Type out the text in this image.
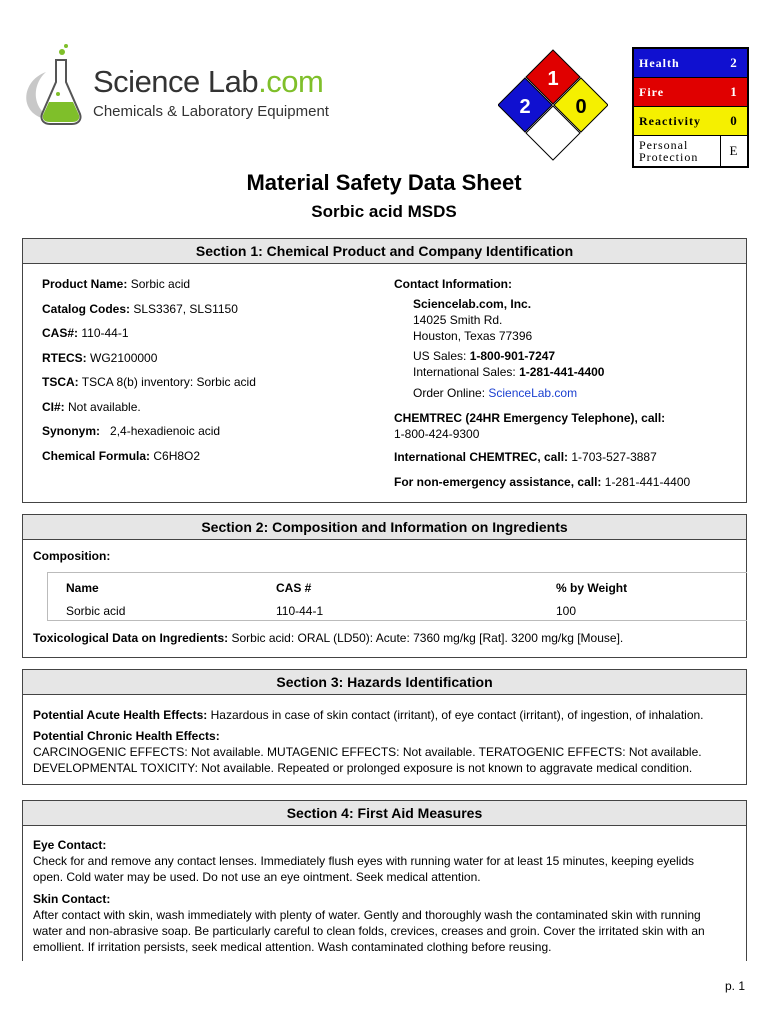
Science Lab.com
Chemicals & Laboratory Equipment
1
2 0
Health	2
Fire	1
Reactivity	0
Personal
Protection	E
Material Safety Data Sheet
Sorbic acid MSDS
Section 1: Chemical Product and Company Identification
Product Name: Sorbic acid
Catalog Codes: SLS3367, SLS1150
CAS#: 110-44-1
RTECS: WG2100000
TSCA: TSCA 8(b) inventory: Sorbic acid
CI#: Not available.
Synonym: 2,4-hexadienoic acid
Chemical Formula: C6H8O2
Contact Information:
Sciencelab.com, Inc.
14025 Smith Rd.
Houston, Texas 77396
US Sales: 1-800-901-7247
International Sales: 1-281-441-4400
Order Online: ScienceLab.com
CHEMTREC (24HR Emergency Telephone), call:
1-800-424-9300
International CHEMTREC, call: 1-703-527-3887
For non-emergency assistance, call: 1-281-441-4400
Section 2: Composition and Information on Ingredients
Composition:
Name	CAS #	% by Weight
Sorbic acid	110-44-1	100
Toxicological Data on Ingredients: Sorbic acid: ORAL (LD50): Acute: 7360 mg/kg [Rat]. 3200 mg/kg [Mouse].
Section 3: Hazards Identification
Potential Acute Health Effects: Hazardous in case of skin contact (irritant), of eye contact (irritant), of ingestion, of inhalation.
Potential Chronic Health Effects:
CARCINOGENIC EFFECTS: Not available. MUTAGENIC EFFECTS: Not available. TERATOGENIC EFFECTS: Not available.
DEVELOPMENTAL TOXICITY: Not available. Repeated or prolonged exposure is not known to aggravate medical condition.
Section 4: First Aid Measures
Eye Contact:
Check for and remove any contact lenses. Immediately flush eyes with running water for at least 15 minutes, keeping eyelids
open. Cold water may be used. Do not use an eye ointment. Seek medical attention.
Skin Contact:
After contact with skin, wash immediately with plenty of water. Gently and thoroughly wash the contaminated skin with running
water and non-abrasive soap. Be particularly careful to clean folds, crevices, creases and groin. Cover the irritated skin with an
emollient. If irritation persists, seek medical attention. Wash contaminated clothing before reusing.
p. 1
